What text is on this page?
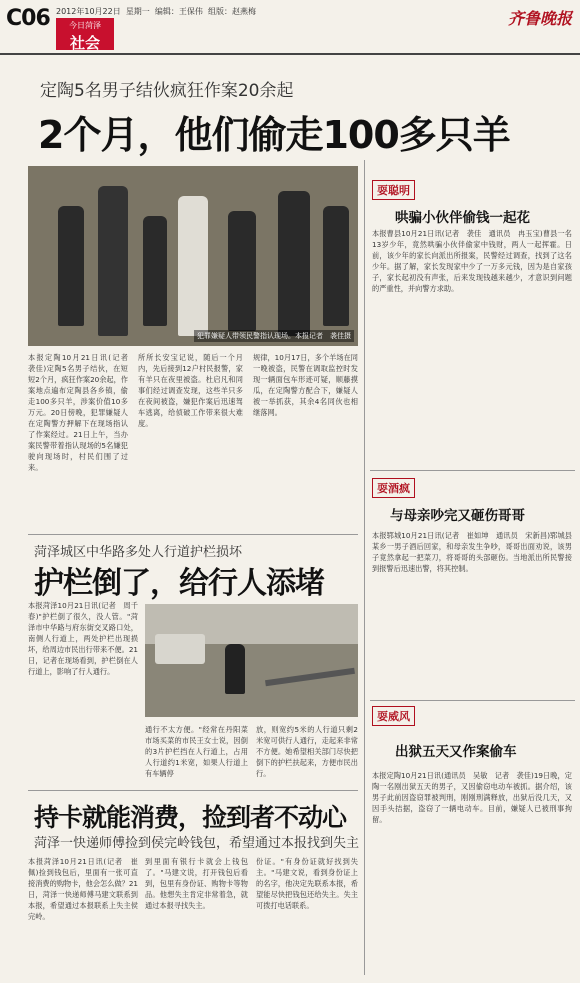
C06 2012年10月22日 星期一 编辑：王保伟 组版：赵燕梅
今日菏泽
社会
齐鲁晚报
定陶5名男子结伙疯狂作案20余起
2个月，他们偷走100多只羊
犯罪嫌疑人带领民警指认现场。本报记者　袭佳摄
本报定陶10月21日讯(记者　袭佳)定陶5名男子结伙，在短短2个月，疯狂作案20余起，作案地点遍布定陶县各乡镇，偷走100多只羊，涉案价值10多万元。20日傍晚，犯罪嫌疑人在定陶警方押解下在现场指认了作案经过。21日上午，当办案民警带着指认现场的5名嫌犯驶向现场时，村民们围了过来。
所所长安宝记说，随后一个月内，先后接到12户村民报警，家有羊只在夜里被盗。杜启凡和同事们经过调查发现，这些羊只多在夜间被盗，嫌犯作案后迅速驾车逃离，给侦破工作带来很大难度。
规律，10月17日，多个羊场在同一晚被盗，民警在调取监控时发现一辆面包车形迹可疑，顺藤摸瓜，在定陶警方配合下，嫌疑人被一举抓获，其余4名同伙也相继落网。
菏泽城区中华路多处人行道护栏损坏
护栏倒了，给行人添堵
本报菏泽10月21日讯(记者　周千春)"护栏倒了很久，没人管。"菏泽市中华路与府东街交叉路口处，南侧人行道上，两处护栏出现损坏，给周边市民出行带来不便。21日，记者在现场看到，护栏倒在人行道上，影响了行人通行。
通行不太方便。"经常在丹阳菜市场买菜的市民王女士说，因倒的3片护栏挡在人行道上，占用人行道约1米宽，如果人行道上有车辆停
放，则宽约5米的人行道只剩2米宽可供行人通行，走起来非常不方便。她希望相关部门尽快把倒下的护栏扶起来，方便市民出行。
持卡就能消费，捡到者不动心
菏泽一快递师傅捡到侯完岭钱包，希望通过本报找到失主
本报菏泽10月21日讯(记者　崔佩)捡到钱包后，里面有一张可直接消费的购物卡，他会怎么做？21日，菏泽一快递师傅马建文联系到本报，希望通过本报联系上失主侯完岭。
到里面有银行卡就会上钱包了。"马建文说，打开钱包后看到，包里有身份证、购物卡等物品。他想失主肯定非常着急，就通过本报寻找失主。
份证。"有身份证就好找到失主。"马建文说，看到身份证上的名字，他决定先联系本报，希望能尽快把钱包还给失主。失主可拨打电话联系。
耍聪明
哄骗小伙伴偷钱一起花
本报曹县10月21日讯(记者　袭佳　通讯员　冉玉宝)曹县一名13岁少年，竟然哄骗小伙伴偷家中钱财，两人一起挥霍。日前，该少年的家长向派出所报案，民警经过调查，找到了这名少年。据了解，家长发现家中少了一万多元钱，因为是自家孩子，家长起初没有声张，后来发现钱越来越少，才意识到问题的严重性，并向警方求助。
耍酒疯
与母亲吵完又砸伤哥哥
本报郓城10月21日讯(记者　崔如坤　通讯员　宋新昌)郓城县某乡一男子酒后回家，和母亲发生争吵，哥哥出面劝说，该男子竟然拿起一把菜刀，将哥哥的头部砸伤。当地派出所民警接到报警后迅速出警，将其控制。
耍威风
出狱五天又作案偷车
本报定陶10月21日讯(通讯员　吴敏　记者　袭佳)19日晚，定陶一名刚出狱五天的男子，又因偷窃电动车被抓。据介绍，该男子此前因盗窃罪被判刑，刚刚刑满释放，出狱后没几天，又因手头拮据，盗窃了一辆电动车。目前，嫌疑人已被刑事拘留。
